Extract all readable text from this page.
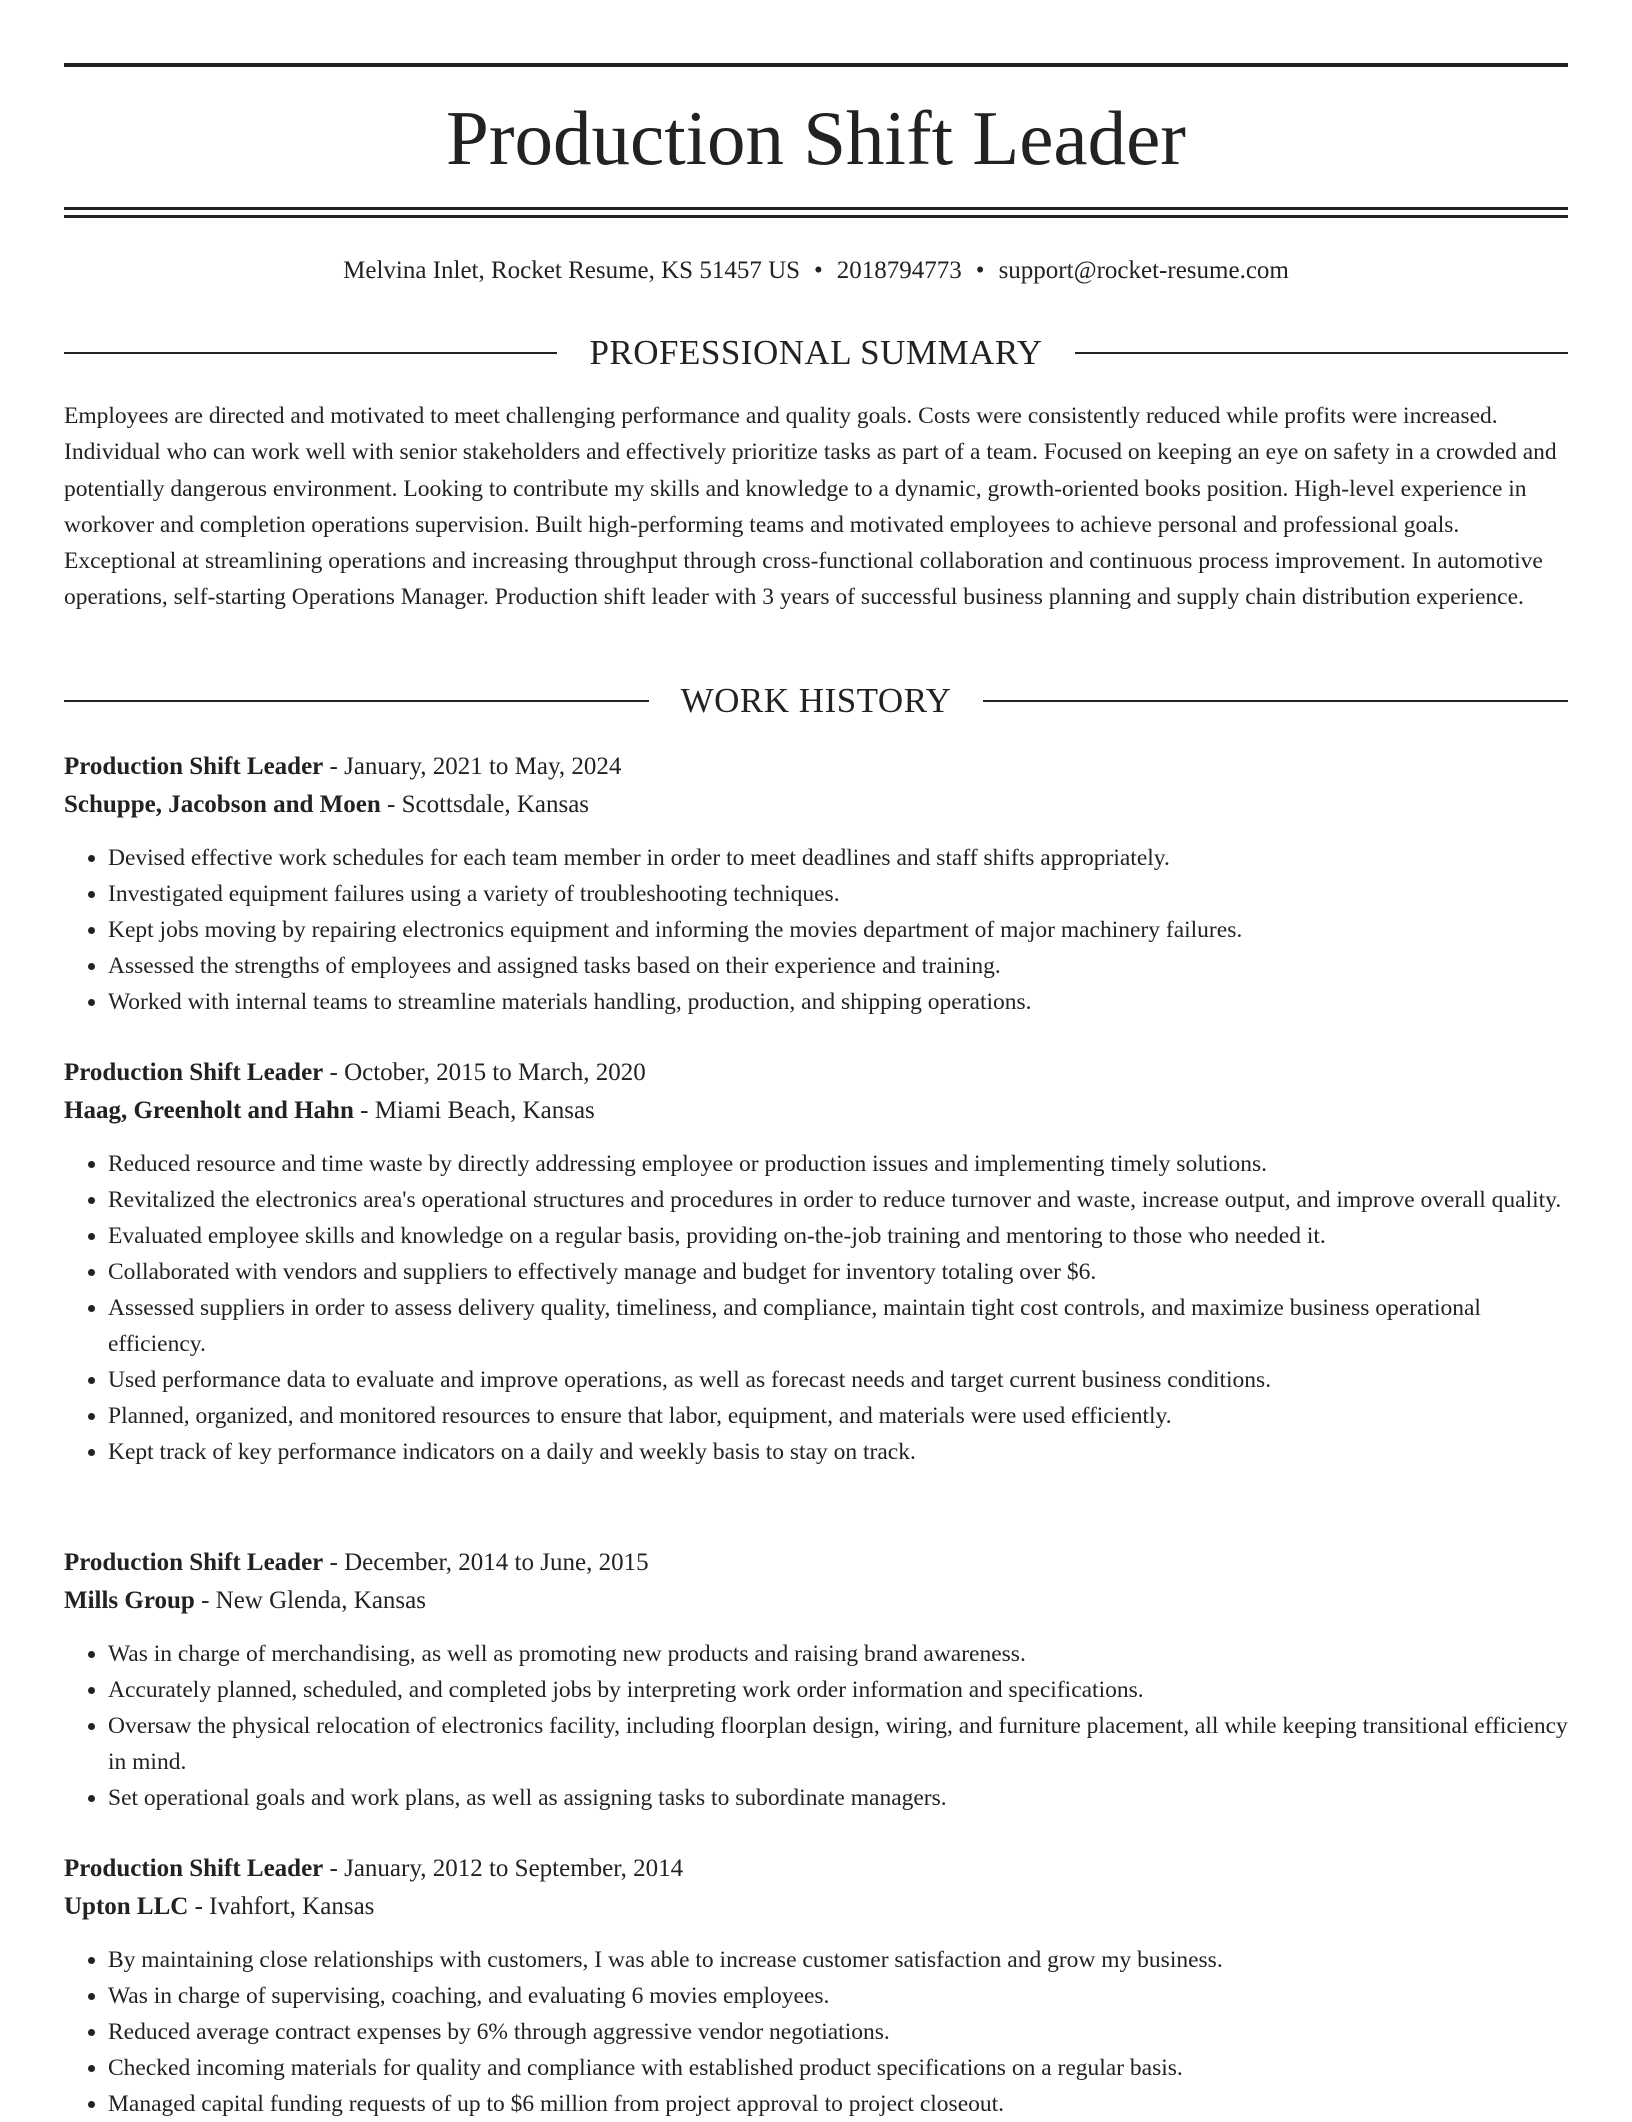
Production Shift Leader
Melvina Inlet, Rocket Resume, KS 51457 US • 2018794773 • support@rocket-resume.com
PROFESSIONAL SUMMARY

Employees are directed and motivated to meet challenging performance and quality goals. Costs were consistently reduced while profits were increased. Individual who can work well with senior stakeholders and effectively prioritize tasks as part of a team. Focused on keeping an eye on safety in a crowded and potentially dangerous environment. Looking to contribute my skills and knowledge to a dynamic, growth-oriented books position. High-level experience in workover and completion operations supervision. Built high-performing teams and motivated employees to achieve personal and professional goals. Exceptional at streamlining operations and increasing throughput through cross-functional collaboration and continuous process improvement. In automotive operations, self-starting Operations Manager. Production shift leader with 3 years of successful business planning and supply chain distribution experience.

WORK HISTORY

Production Shift Leader - January, 2021 to May, 2024

Schuppe, Jacobson and Moen - Scottsdale, Kansas

• Devised effective work schedules for each team member in order to meet deadlines and staff shifts appropriately.
• Investigated equipment failures using a variety of troubleshooting techniques.
• Kept jobs moving by repairing electronics equipment and informing the movies department of major machinery failures.
• Assessed the strengths of employees and assigned tasks based on their experience and training.
• Worked with internal teams to streamline materials handling, production, and shipping operations.

Production Shift Leader - October, 2015 to March, 2020

Haag, Greenholt and Hahn - Miami Beach, Kansas

• Reduced resource and time waste by directly addressing employee or production issues and implementing timely solutions.
• Revitalized the electronics area's operational structures and procedures in order to reduce turnover and waste, increase output, and improve overall quality.
• Evaluated employee skills and knowledge on a regular basis, providing on-the-job training and mentoring to those who needed it.
• Collaborated with vendors and suppliers to effectively manage and budget for inventory totaling over $6.
• Assessed suppliers in order to assess delivery quality, timeliness, and compliance, maintain tight cost controls, and maximize business operational efficiency.
• Used performance data to evaluate and improve operations, as well as forecast needs and target current business conditions.
• Planned, organized, and monitored resources to ensure that labor, equipment, and materials were used efficiently.
• Kept track of key performance indicators on a daily and weekly basis to stay on track.

Production Shift Leader - December, 2014 to June, 2015

Mills Group - New Glenda, Kansas

• Was in charge of merchandising, as well as promoting new products and raising brand awareness.
• Accurately planned, scheduled, and completed jobs by interpreting work order information and specifications.
• Oversaw the physical relocation of electronics facility, including floorplan design, wiring, and furniture placement, all while keeping transitional efficiency in mind.
• Set operational goals and work plans, as well as assigning tasks to subordinate managers.

Production Shift Leader - January, 2012 to September, 2014

Upton LLC - Ivahfort, Kansas

• By maintaining close relationships with customers, I was able to increase customer satisfaction and grow my business.
• Was in charge of supervising, coaching, and evaluating 6 movies employees.
• Reduced average contract expenses by 6% through aggressive vendor negotiations.
• Checked incoming materials for quality and compliance with established product specifications on a regular basis.
• Managed capital funding requests of up to $6 million from project approval to project closeout.
